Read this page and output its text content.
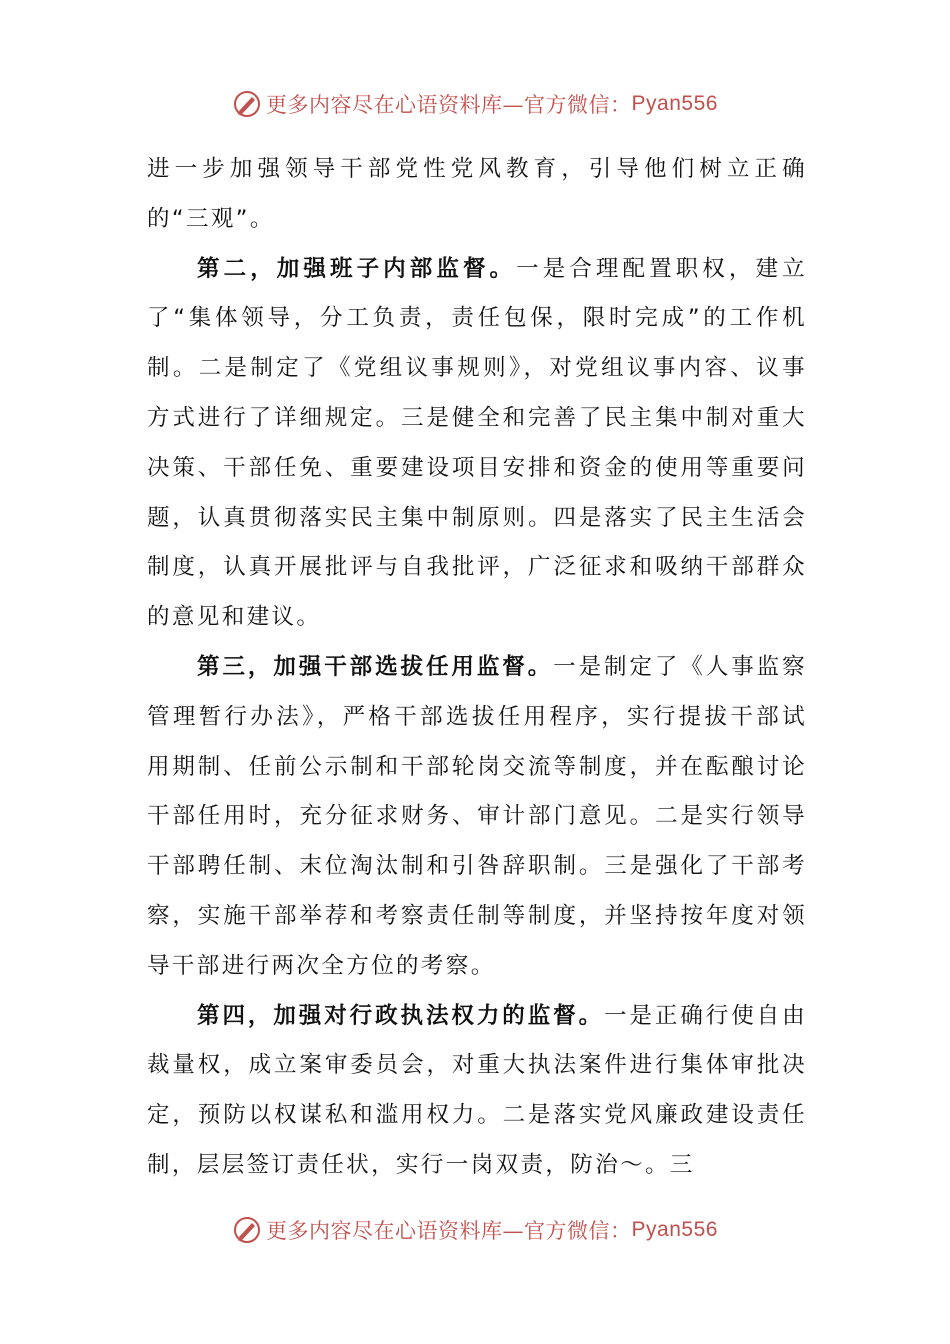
更多内容尽在心语资料库—官方微信： Pyan556

进一步加强领导干部党性党风教育，引导他们树立正确的“三观”。

第二，加强班子内部监督。一是合理配置职权，建立了“集体领导，分工负责，责任包保，限时完成”的工作机制。二是制定了《党组议事规则》，对党组议事内容、议事方式进行了详细规定。三是健全和完善了民主集中制对重大决策、干部任免、重要建设项目安排和资金的使用等重要问题，认真贯彻落实民主集中制原则。四是落实了民主生活会制度，认真开展批评与自我批评，广泛征求和吸纳干部群众的意见和建议。

第三，加强干部选拔任用监督。一是制定了《人事监察管理暂行办法》，严格干部选拔任用程序，实行提拔干部试用期制、任前公示制和干部轮岗交流等制度，并在酝酿讨论干部任用时，充分征求财务、审计部门意见。二是实行领导干部聘任制、末位淘汰制和引咎辞职制。三是强化了干部考察，实施干部举荐和考察责任制等制度，并坚持按年度对领导干部进行两次全方位的考察。

第四，加强对行政执法权力的监督。一是正确行使自由裁量权，成立案审委员会，对重大执法案件进行集体审批决定，预防以权谋私和滥用权力。二是落实党风廉政建设责任制，层层签订责任状，实行一岗双责，防治～。三

更多内容尽在心语资料库—官方微信： Pyan556
